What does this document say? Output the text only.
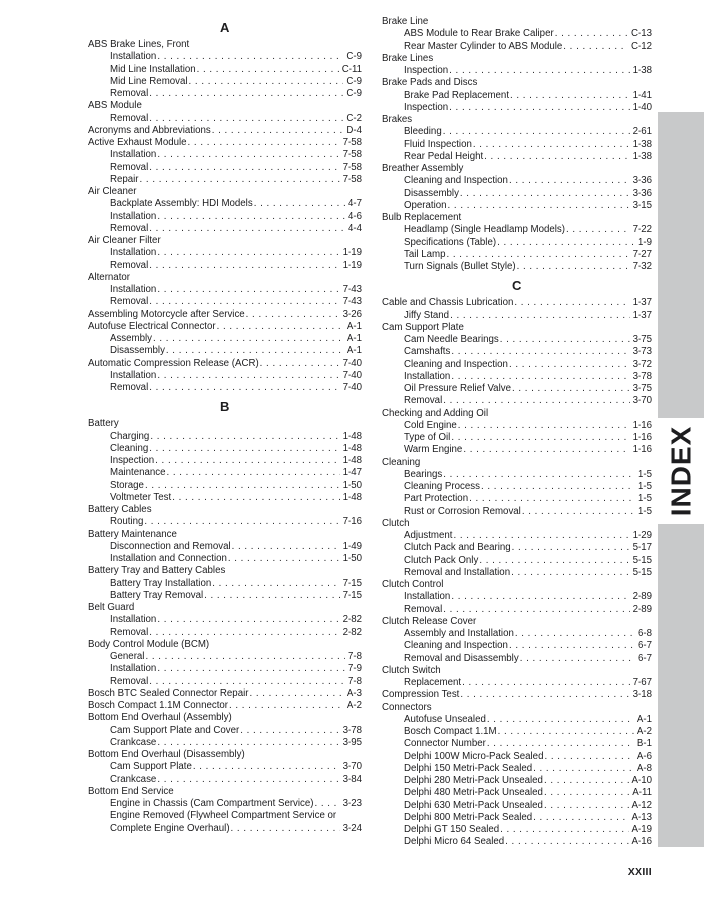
A
ABS Brake Lines, Front
Installation . . .	C-9
Mid Line Installation . . .	C-11
Mid Line Removal . . .	C-9
Removal . . .	C-9
ABS Module
Removal . . .	C-2
Acronyms and Abbreviations . . .	D-4
Active Exhaust Module . . .	7-58
Installation . . .	7-58
Removal . . .	7-58
Repair . . .	7-58
Air Cleaner
Backplate Assembly: HDI Models . . .	4-7
Installation . . .	4-6
Removal . . .	4-4
Air Cleaner Filter
Installation . . .	1-19
Removal . . .	1-19
Alternator
Installation . . .	7-43
Removal . . .	7-43
Assembling Motorcycle after Service . . .	3-26
Autofuse Electrical Connector . . .	A-1
Assembly . . .	A-1
Disassembly . . .	A-1
Automatic Compression Release (ACR) . . .	7-40
Installation . . .	7-40
Removal . . .	7-40
B
Battery
Charging . . .	1-48
Cleaning . . .	1-48
Inspection . . .	1-48
Maintenance . . .	1-47
Storage . . .	1-50
Voltmeter Test . . .	1-48
Battery Cables
Routing . . .	7-16
Battery Maintenance
Disconnection and Removal . . .	1-49
Installation and Connection . . .	1-50
Battery Tray and Battery Cables
Battery Tray Installation . . .	7-15
Battery Tray Removal . . .	7-15
Belt Guard
Installation . . .	2-82
Removal . . .	2-82
Body Control Module (BCM)
General . . .	7-8
Installation . . .	7-9
Removal . . .	7-8
Bosch BTC Sealed Connector Repair . . .	A-3
Bosch Compact 1.1M Connector . . .	A-2
Bottom End Overhaul (Assembly)
Cam Support Plate and Cover . . .	3-78
Crankcase . . .	3-95
Bottom End Overhaul (Disassembly)
Cam Support Plate . . .	3-70
Crankcase . . .	3-84
Bottom End Service
Engine in Chassis (Cam Compartment Service) . . .	3-23
Engine Removed (Flywheel Compartment Service or
Complete Engine Overhaul) . . .	3-24
Brake Line
ABS Module to Rear Brake Caliper . . .	C-13
Rear Master Cylinder to ABS Module . . .	C-12
Brake Lines
Inspection . . .	1-38
Brake Pads and Discs
Brake Pad Replacement . . .	1-41
Inspection . . .	1-40
Brakes
Bleeding . . .	2-61
Fluid Inspection . . .	1-38
Rear Pedal Height . . .	1-38
Breather Assembly
Cleaning and Inspection . . .	3-36
Disassembly . . .	3-36
Operation . . .	3-15
Bulb Replacement
Headlamp (Single Headlamp Models) . . .	7-22
Specifications (Table) . . .	1-9
Tail Lamp . . .	7-27
Turn Signals (Bullet Style) . . .	7-32
C
Cable and Chassis Lubrication . . .	1-37
Jiffy Stand . . .	1-37
Cam Support Plate
Cam Needle Bearings . . .	3-75
Camshafts . . .	3-73
Cleaning and Inspection . . .	3-72
Installation . . .	3-78
Oil Pressure Relief Valve . . .	3-75
Removal . . .	3-70
Checking and Adding Oil
Cold Engine . . .	1-16
Type of Oil . . .	1-16
Warm Engine . . .	1-16
Cleaning
Bearings . . .	1-5
Cleaning Process . . .	1-5
Part Protection . . .	1-5
Rust or Corrosion Removal . . .	1-5
Clutch
Adjustment . . .	1-29
Clutch Pack and Bearing . . .	5-17
Clutch Pack Only . . .	5-15
Removal and Installation . . .	5-15
Clutch Control
Installation . . .	2-89
Removal . . .	2-89
Clutch Release Cover
Assembly and Installation . . .	6-8
Cleaning and Inspection . . .	6-7
Removal and Disassembly . . .	6-7
Clutch Switch
Replacement . . .	7-67
Compression Test . . .	3-18
Connectors
Autofuse Unsealed . . .	A-1
Bosch Compact 1.1M . . .	A-2
Connector Number . . .	B-1
Delphi 100W Micro-Pack Sealed . . .	A-6
Delphi 150 Metri-Pack Sealed . . .	A-8
Delphi 280 Metri-Pack Unsealed . . .	A-10
Delphi 480 Metri-Pack Unsealed . . .	A-11
Delphi 630 Metri-Pack Unsealed . . .	A-12
Delphi 800 Metri-Pack Sealed . . .	A-13
Delphi GT 150 Sealed . . .	A-19
Delphi Micro 64 Sealed . . .	A-16
INDEX
XXIII
